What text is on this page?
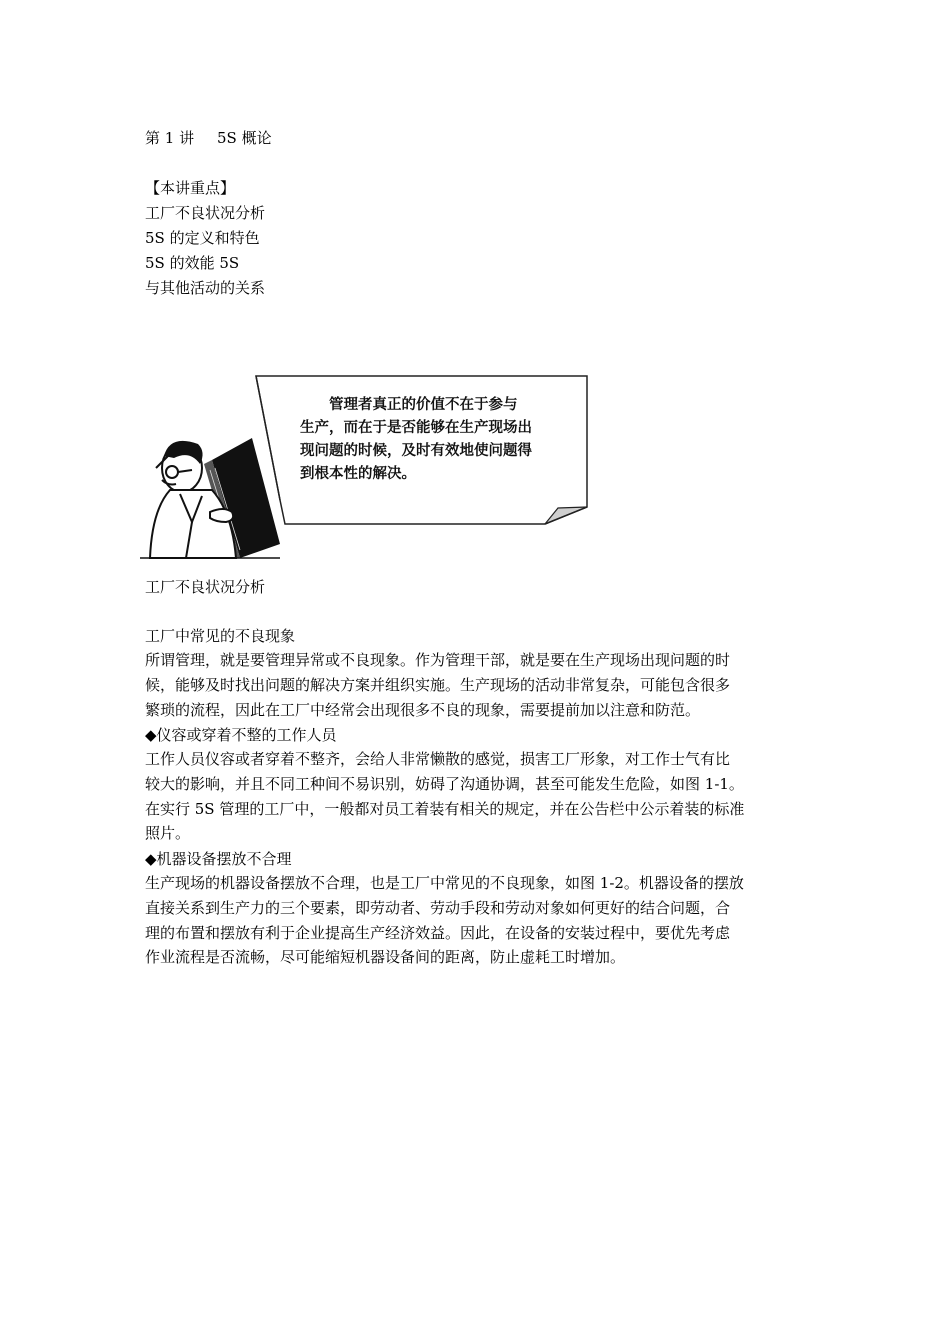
第 1 讲 5S 概论
【本讲重点】
工厂不良状况分析
5S 的定义和特色
5S 的效能 5S
与其他活动的关系
　　管理者真正的价值不在于参与
生产，而在于是否能够在生产现场出
现问题的时候，及时有效地使问题得
到根本性的解决。
工厂不良状况分析
工厂中常见的不良现象
所谓管理，就是要管理异常或不良现象。作为管理干部，就是要在生产现场出现问题的时
候，能够及时找出问题的解决方案并组织实施。生产现场的活动非常复杂，可能包含很多
繁琐的流程，因此在工厂中经常会出现很多不良的现象，需要提前加以注意和防范。
◆仪容或穿着不整的工作人员
工作人员仪容或者穿着不整齐，会给人非常懒散的感觉，损害工厂形象，对工作士气有比
较大的影响，并且不同工种间不易识别，妨碍了沟通协调，甚至可能发生危险，如图 1-1。
在实行 5S 管理的工厂中，一般都对员工着装有相关的规定，并在公告栏中公示着装的标准
照片。
◆机器设备摆放不合理
生产现场的机器设备摆放不合理，也是工厂中常见的不良现象，如图 1-2。机器设备的摆放
直接关系到生产力的三个要素，即劳动者、劳动手段和劳动对象如何更好的结合问题，合
理的布置和摆放有利于企业提高生产经济效益。因此，在设备的安装过程中，要优先考虑
作业流程是否流畅，尽可能缩短机器设备间的距离，防止虚耗工时增加。
